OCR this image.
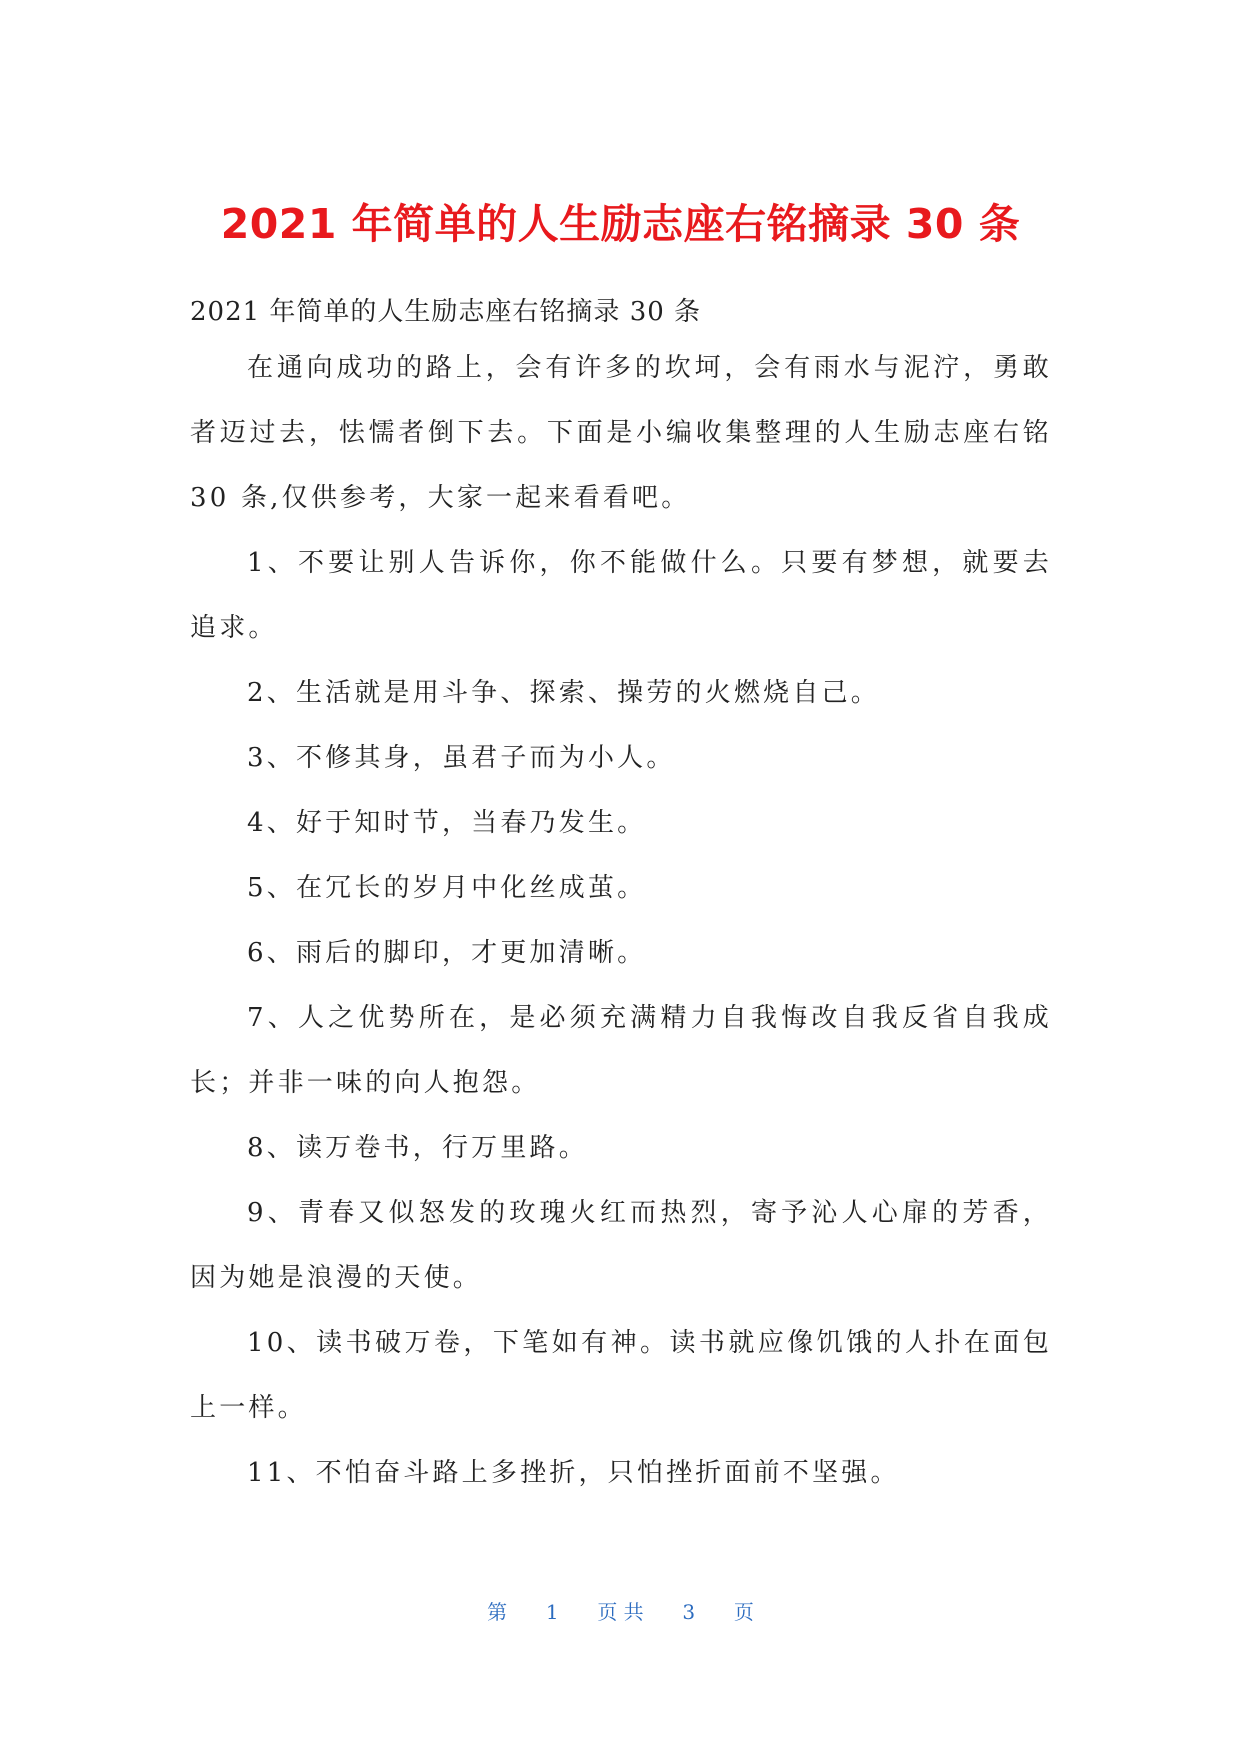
2021 年简单的人生励志座右铭摘录 30 条

2021 年简单的人生励志座右铭摘录 30 条

在通向成功的路上，会有许多的坎坷，会有雨水与泥泞，勇敢者迈过去，怯懦者倒下去。下面是小编收集整理的人生励志座右铭 30 条,仅供参考，大家一起来看看吧。

1、不要让别人告诉你，你不能做什么。只要有梦想，就要去追求。

2、生活就是用斗争、探索、操劳的火燃烧自己。

3、不修其身，虽君子而为小人。

4、好于知时节，当春乃发生。

5、在冗长的岁月中化丝成茧。

6、雨后的脚印，才更加清晰。

7、人之优势所在，是必须充满精力自我悔改自我反省自我成长；并非一味的向人抱怨。

8、读万卷书，行万里路。

9、青春又似怒发的玫瑰火红而热烈，寄予沁人心扉的芳香，因为她是浪漫的天使。

10、读书破万卷，下笔如有神。读书就应像饥饿的人扑在面包上一样。

11、不怕奋斗路上多挫折，只怕挫折面前不坚强。

第 1 页 共 3 页
